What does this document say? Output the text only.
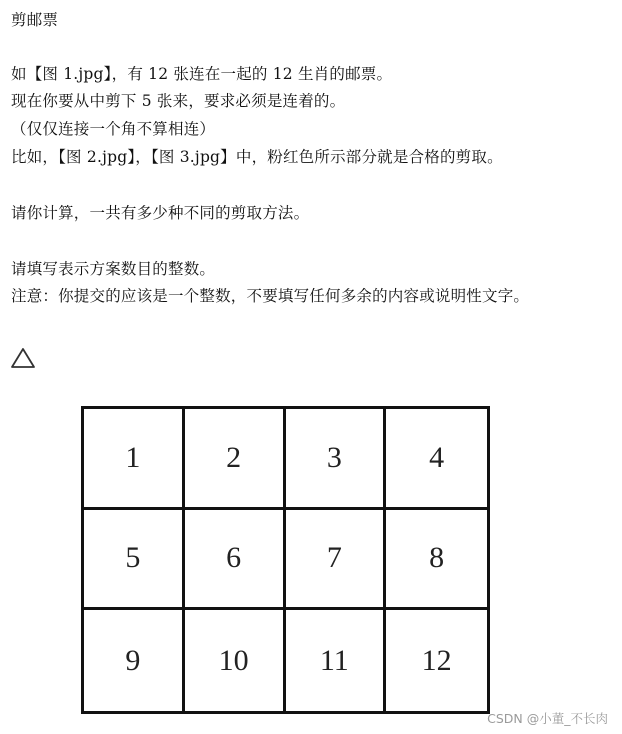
剪邮票
如【图 1.jpg】，有 12 张连在一起的 12 生肖的邮票。
现在你要从中剪下 5 张来，要求必须是连着的。
（仅仅连接一个角不算相连）
比如，【图 2.jpg】，【图 3.jpg】中，粉红色所示部分就是合格的剪取。
请你计算，一共有多少种不同的剪取方法。
请填写表示方案数目的整数。
注意：你提交的应该是一个整数，不要填写任何多余的内容或说明性文字。
1	2	3	4
5	6	7	8
9	10	11	12
CSDN @小董_不长肉
